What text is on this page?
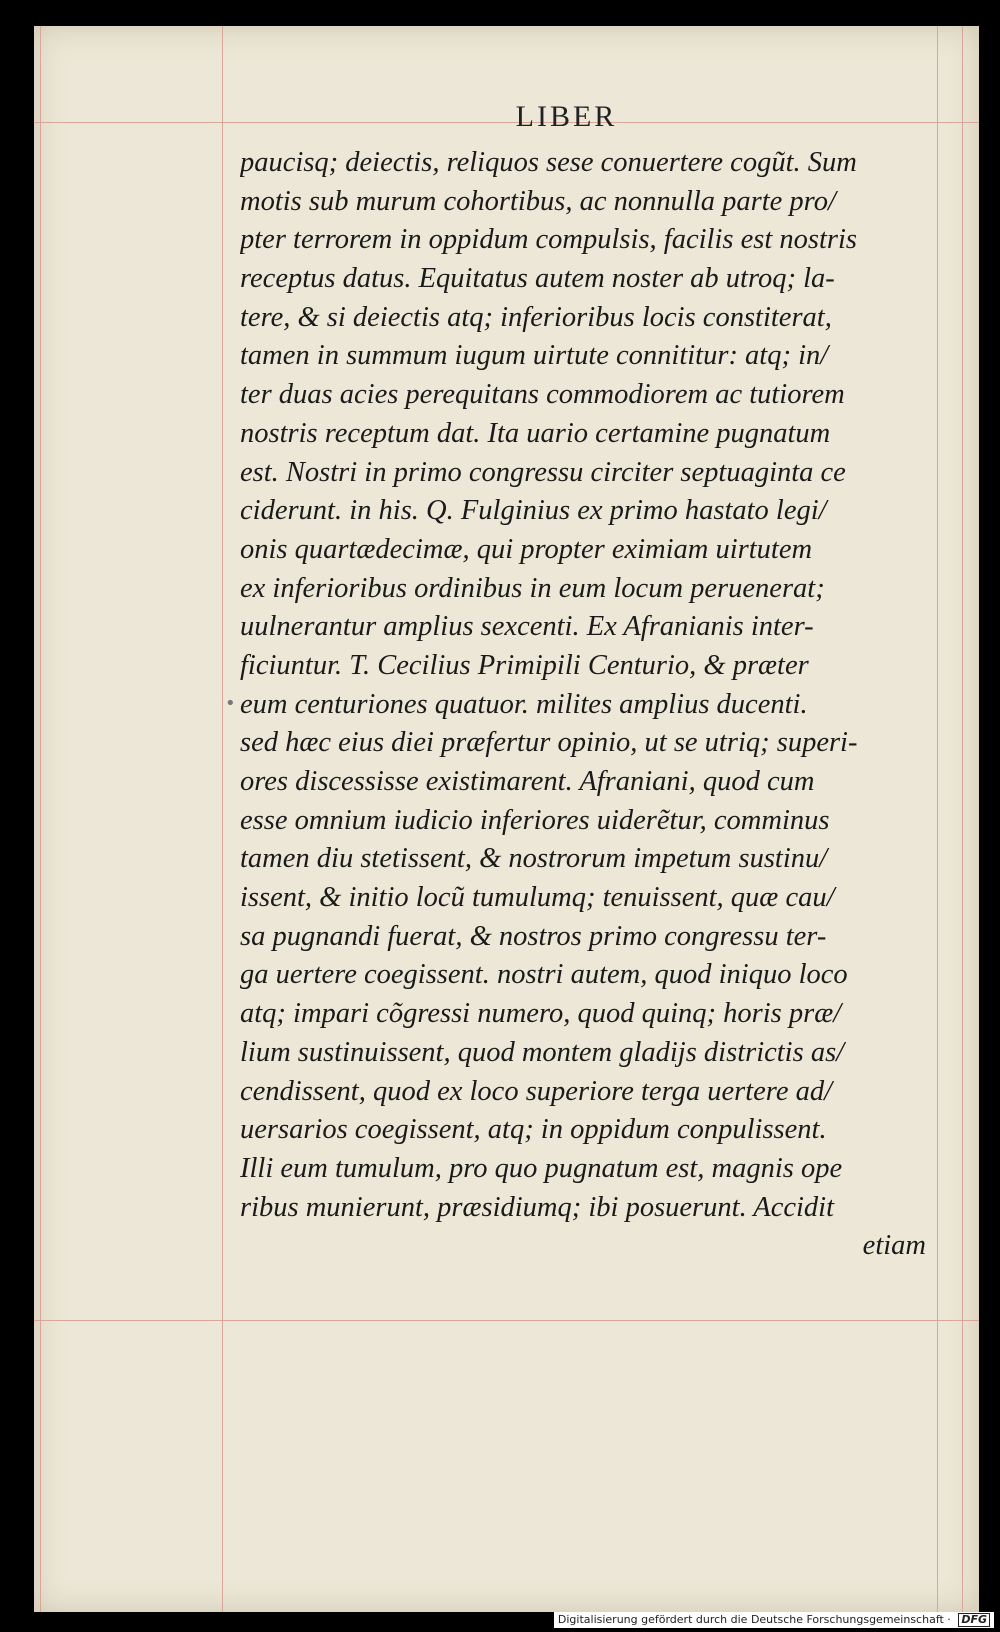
LIBER
paucisq; deiectis, reliquos sese conuertere cogũt. Sum
motis sub murum cohortibus, ac nonnulla parte pro/
pter terrorem in oppidum compulsis, facilis est nostris
receptus datus. Equitatus autem noster ab utroq; la-
tere, & si deiectis atq; inferioribus locis constiterat,
tamen in summum iugum uirtute connititur: atq; in/
ter duas acies perequitans commodiorem ac tutiorem
nostris receptum dat. Ita uario certamine pugnatum
est. Nostri in primo congressu circiter septuaginta ce
ciderunt. in his. Q. Fulginius ex primo hastato legi/
onis quartædecimæ, qui propter eximiam uirtutem
ex inferioribus ordinibus in eum locum peruenerat;
uulnerantur amplius sexcenti. Ex Afranianis inter-
ficiuntur. T. Cecilius Primipili Centurio, & præter
eum centuriones quatuor. milites amplius ducenti.
sed hæc eius diei præfertur opinio, ut se utriq; superi-
ores discessisse existimarent. Afraniani, quod cum
esse omnium iudicio inferiores uiderẽtur, comminus
tamen diu stetissent, & nostrorum impetum sustinu/
issent, & initio locũ tumulumq; tenuissent, quæ cau/
sa pugnandi fuerat, & nostros primo congressu ter-
ga uertere coegissent. nostri autem, quod iniquo loco
atq; impari cõgressi numero, quod quinq; horis præ/
lium sustinuissent, quod montem gladijs districtis as/
cendissent, quod ex loco superiore terga uertere ad/
uersarios coegissent, atq; in oppidum conpulissent.
Illi eum tumulum, pro quo pugnatum est, magnis ope
ribus munierunt, præsidiumq; ibi posuerunt. Accidit
etiam
•
Digitalisierung gefördert durch die Deutsche Forschungsgemeinschaft · DFG
